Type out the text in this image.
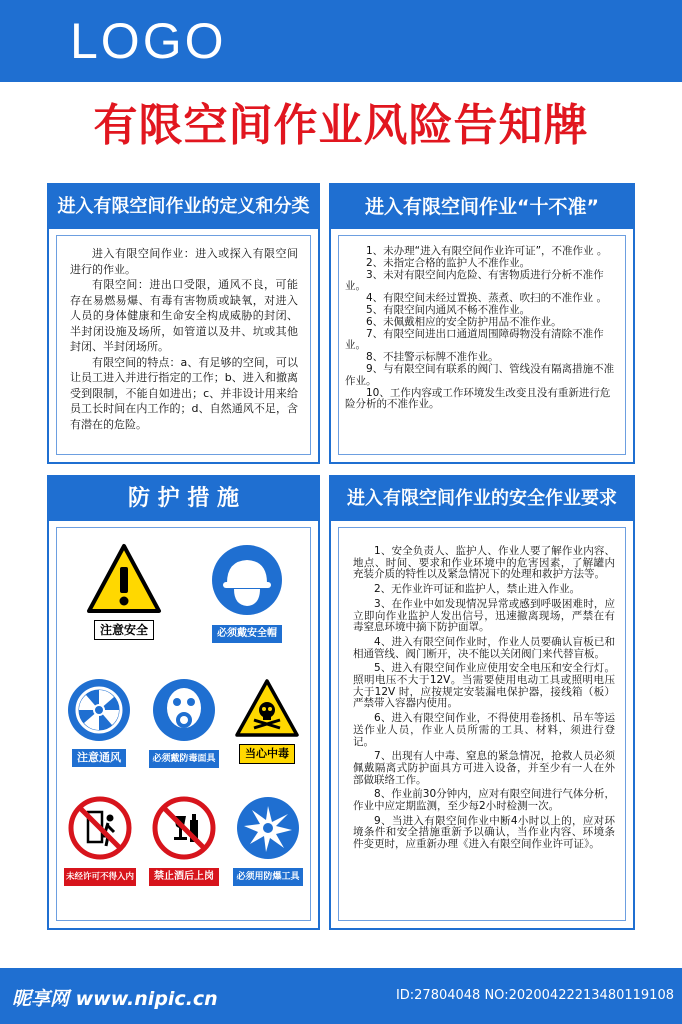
LOGO
有限空间作业风险告知牌
进入有限空间作业的定义和分类

进入有限空间作业：进入或探入有限空间进行的作业。

有限空间：进出口受限，通风不良，可能存在易燃易爆、有毒有害物质或缺氧，对进入人员的身体健康和生命安全构成威胁的封闭、半封闭设施及场所，如管道以及井、坑或其他封闭、半封闭场所。

有限空间的特点：a、有足够的空间，可以让员工进入并进行指定的工作；b、进入和撤离受到限制，不能自如进出；c、并非设计用来给员工长时间在内工作的；d、自然通风不足，含有潜在的危险。

进入有限空间作业“十不准”

1、未办理“进入有限空间作业许可证”，不准作业 。

2、未指定合格的监护人不准作业。

3、未对有限空间内危险、有害物质进行分析不准作业。

4、有限空间未经过置换、蒸煮、吹扫的不准作业 。

5、有限空间内通风不畅不准作业。

6、未佩戴相应的安全防护用品不准作业。

7、有限空间进出口通道周围障碍物没有清除不准作业。

8、不挂警示标牌不准作业。

9、与有限空间有联系的阀门、管线没有隔离措施不准作业。

10、工作内容或工作环境发生改变且没有重新进行危险分析的不准作业。

防 护 措 施
注意安全	必须戴安全帽
注意通风	必须戴防毒面具	当心中毒
未经许可不得入内	禁止酒后上岗	必须用防爆工具
进入有限空间作业的安全作业要求

1、安全负责人、监护人、作业人要了解作业内容、地点、时间、要求和作业环境中的危害因素，了解罐内充装介质的特性以及紧急情况下的处理和救护方法等。

2、无作业许可证和监护人，禁止进入作业。

3、在作业中如发现情况异常或感到呼吸困难时，应立即向作业监护人发出信号，迅速撤离现场，严禁在有毒窒息环境中摘下防护面罩。

4、进入有限空间作业时，作业人员要确认盲板已和相通管线、阀门断开，决不能以关闭阀门来代替盲板。

5、进入有限空间作业应使用安全电压和安全行灯。照明电压不大于12V。当需要使用电动工具或照明电压大于12V 时，应按规定安装漏电保护器，接线箱（板）严禁带入容器内使用。

6、进入有限空间作业，不得使用卷扬机、吊车等运送作业人员，作业人员所需的工具、材料，须进行登记。

7、出现有人中毒、窒息的紧急情况，抢救人员必须佩戴隔离式防护面具方可进入设备，并至少有一人在外部做联络工作。

8、作业前30分钟内，应对有限空间进行气体分析，作业中应定期监测，至少每2小时检测一次。

9、当进入有限空间作业中断4小时以上的，应对环境条件和安全措施重新予以确认，当作业内容、环境条件变更时，应重新办理《进入有限空间作业许可证》。

昵享网 www.nipic.cn	ID:27804048 NO:20200422213480119108
